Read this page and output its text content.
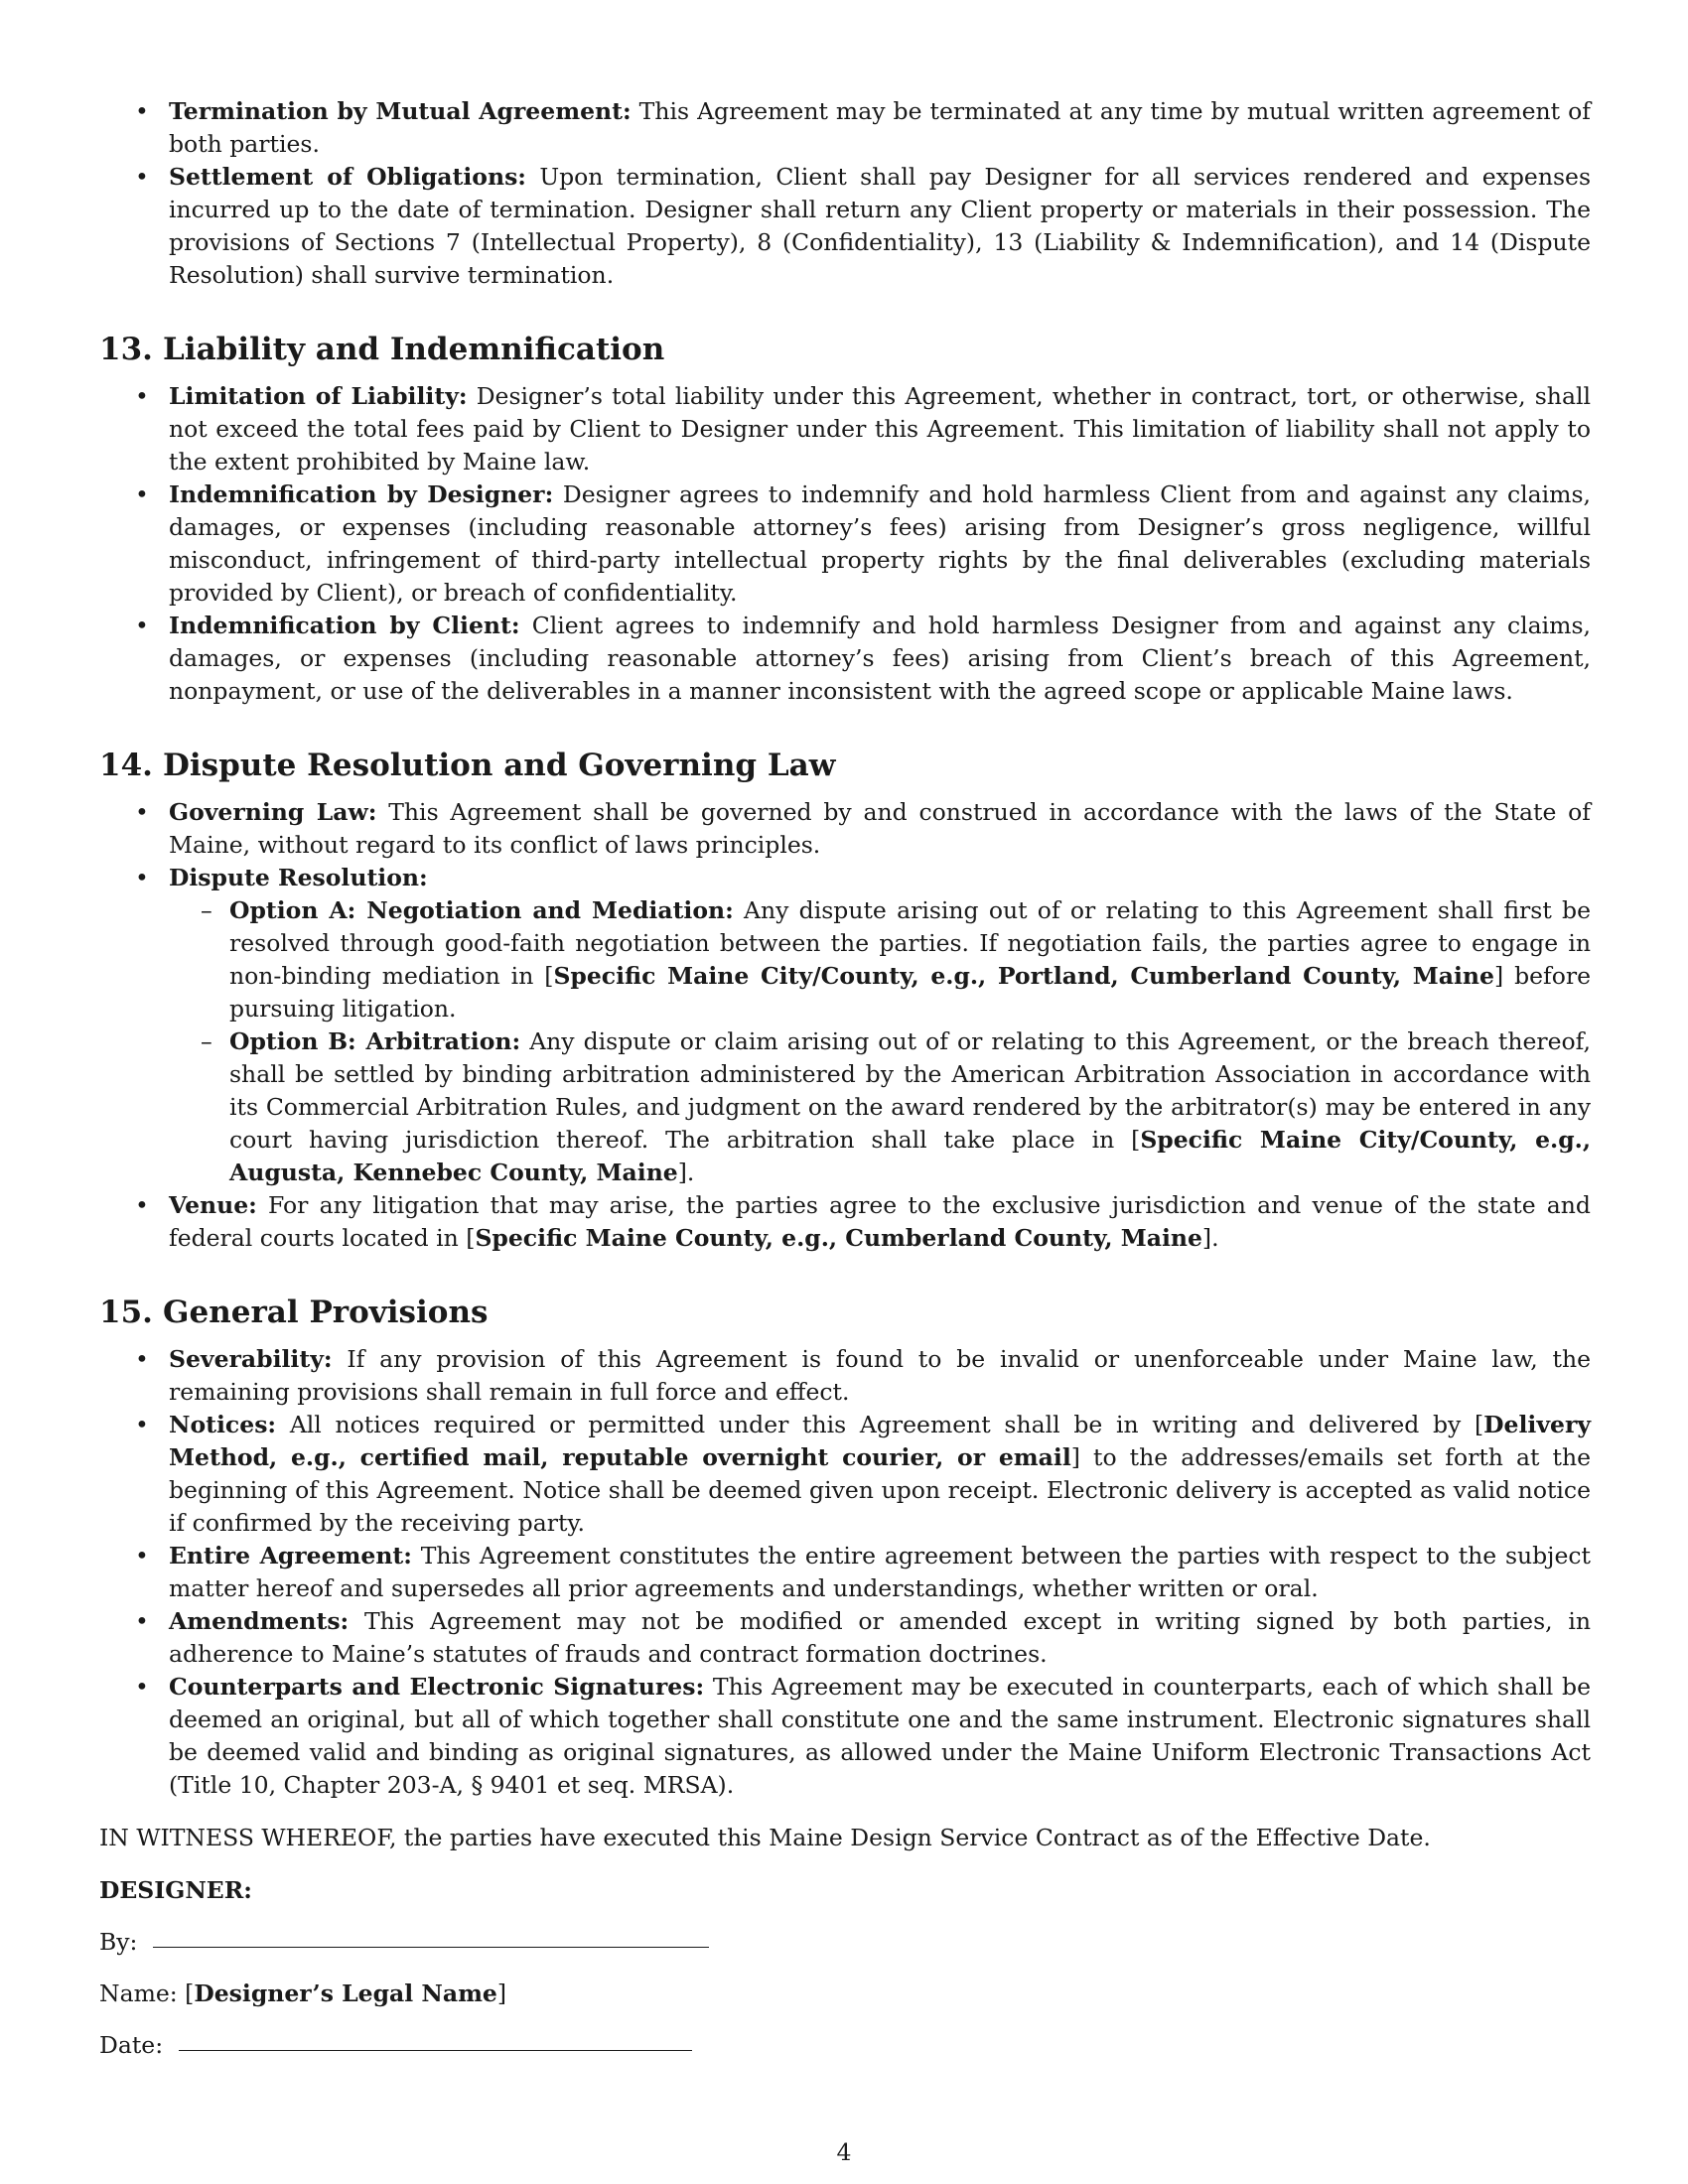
• Termination by Mutual Agreement: This Agreement may be terminated at any time by mutual written agreement of both parties.
• Settlement of Obligations: Upon termination, Client shall pay Designer for all services rendered and expenses incurred up to the date of termination. Designer shall return any Client property or materials in their possession. The provisions of Sections 7 (Intellectual Property), 8 (Confidentiality), 13 (Liability & Indemnification), and 14 (Dispute Resolution) shall survive termination.
13. Liability and Indemnification
• Limitation of Liability: Designer’s total liability under this Agreement, whether in contract, tort, or otherwise, shall not exceed the total fees paid by Client to Designer under this Agreement. This limitation of liability shall not apply to the extent prohibited by Maine law.
• Indemnification by Designer: Designer agrees to indemnify and hold harmless Client from and against any claims, damages, or expenses (including reasonable attorney’s fees) arising from Designer’s gross negligence, willful misconduct, infringement of third-party intellectual property rights by the final deliverables (excluding materials provided by Client), or breach of confidentiality.
• Indemnification by Client: Client agrees to indemnify and hold harmless Designer from and against any claims, damages, or expenses (including reasonable attorney’s fees) arising from Client’s breach of this Agreement, nonpayment, or use of the deliverables in a manner inconsistent with the agreed scope or applicable Maine laws.
14. Dispute Resolution and Governing Law
• Governing Law: This Agreement shall be governed by and construed in accordance with the laws of the State of Maine, without regard to its conflict of laws principles.
• Dispute Resolution:
– Option A: Negotiation and Mediation: Any dispute arising out of or relating to this Agreement shall first be resolved through good-faith negotiation between the parties. If negotiation fails, the parties agree to engage in non-binding mediation in [Specific Maine City/County, e.g., Portland, Cumberland County, Maine] before pursuing litigation.
– Option B: Arbitration: Any dispute or claim arising out of or relating to this Agreement, or the breach thereof, shall be settled by binding arbitration administered by the American Arbitration Association in accordance with its Commercial Arbitration Rules, and judgment on the award rendered by the arbitrator(s) may be entered in any court having jurisdiction thereof. The arbitration shall take place in [Specific Maine City/County, e.g., Augusta, Kennebec County, Maine].
• Venue: For any litigation that may arise, the parties agree to the exclusive jurisdiction and venue of the state and federal courts located in [Specific Maine County, e.g., Cumberland County, Maine].
15. General Provisions
• Severability: If any provision of this Agreement is found to be invalid or unenforceable under Maine law, the remaining provisions shall remain in full force and effect.
• Notices: All notices required or permitted under this Agreement shall be in writing and delivered by [Delivery Method, e.g., certified mail, reputable overnight courier, or email] to the addresses/emails set forth at the beginning of this Agreement. Notice shall be deemed given upon receipt. Electronic delivery is accepted as valid notice if confirmed by the receiving party.
• Entire Agreement: This Agreement constitutes the entire agreement between the parties with respect to the subject matter hereof and supersedes all prior agreements and understandings, whether written or oral.
• Amendments: This Agreement may not be modified or amended except in writing signed by both parties, in adherence to Maine’s statutes of frauds and contract formation doctrines.
• Counterparts and Electronic Signatures: This Agreement may be executed in counterparts, each of which shall be deemed an original, but all of which together shall constitute one and the same instrument. Electronic signatures shall be deemed valid and binding as original signatures, as allowed under the Maine Uniform Electronic Transactions Act (Title 10, Chapter 203-A, § 9401 et seq. MRSA).
IN WITNESS WHEREOF, the parties have executed this Maine Design Service Contract as of the Effective Date.
DESIGNER:
By:
Name: [Designer’s Legal Name]
Date:
4
